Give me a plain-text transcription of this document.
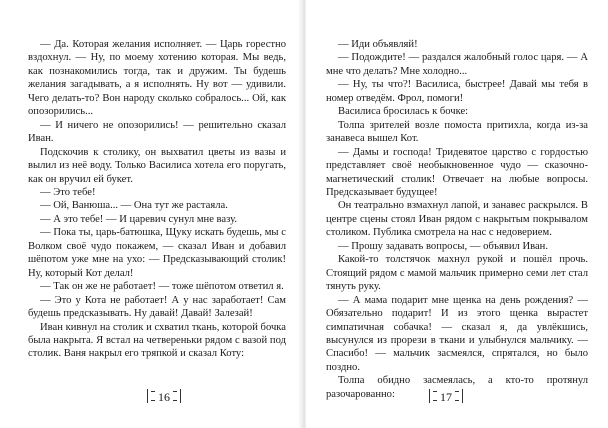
— Да. Которая желания исполняет. — Царь горестно вздохнул. — Ну, по моему хотению которая. Мы ведь, как познакомились тогда, так и дружим. Ты будешь желания загадывать, а я исполнять. Ну вот — удивили. Чего делать-то? Вон народу сколько собралось... Ой, как опозорились...

— И ничего не опозорились! — решительно сказал Иван.

Подскочив к столику, он выхватил цветы из вазы и вылил из неё воду. Только Василиса хотела его поругать, как он вручил ей букет.

— Это тебе!

— Ой, Ванюша... — Она тут же растаяла.

— А это тебе! — И царевич сунул мне вазу.

— Пока ты, царь-батюшка, Щуку искать будешь, мы с Волком своё чудо покажем, — сказал Иван и добавил шёпотом уже мне на ухо: — Предсказывающий столик! Ну, который Кот делал!

— Так он же не работает! — тоже шёпотом ответил я.

— Это у Кота не работает! А у нас заработает! Сам будешь предсказывать. Ну давай! Давай! Залезай!

Иван кивнул на столик и схватил ткань, которой бочка была накрыта. Я встал на четвереньки рядом с вазой под столик. Ваня накрыл его тряпкой и сказал Коту:

16

— Иди объявляй!

— Подождите! — раздался жалобный голос царя. — А мне что делать? Мне холодно...

— Ну, ты что?! Василиса, быстрее! Давай мы тебя в номер отведём. Фрол, помоги!

Василиса бросилась к бочке:

Толпа зрителей возле помоста притихла, когда из-за занавеса вышел Кот.

— Дамы и господа! Тридевятое царство с гордостью представляет своё необыкновенное чудо — сказочно-магнетический столик! Отвечает на любые вопросы. Предсказывает будущее!

Он театрально взмахнул лапой, и занавес раскрылся. В центре сцены стоял Иван рядом с накрытым покрывалом столиком. Публика смотрела на нас с недоверием.

— Прошу задавать вопросы, — объявил Иван.

Какой-то толстячок махнул рукой и пошёл прочь. Стоящий рядом с мамой мальчик примерно семи лет стал тянуть руку.

— А мама подарит мне щенка на день рождения? — Обязательно подарит! И из этого щенка вырастет симпатичная собачка! — сказал я, да увлёкшись, высунулся из прорези в ткани и улыбнулся мальчику. — Спасибо! — мальчик засмеялся, спрятался, но было поздно.

Толпа обидно засмеялась, а кто-то протянул разочарованно:	17
